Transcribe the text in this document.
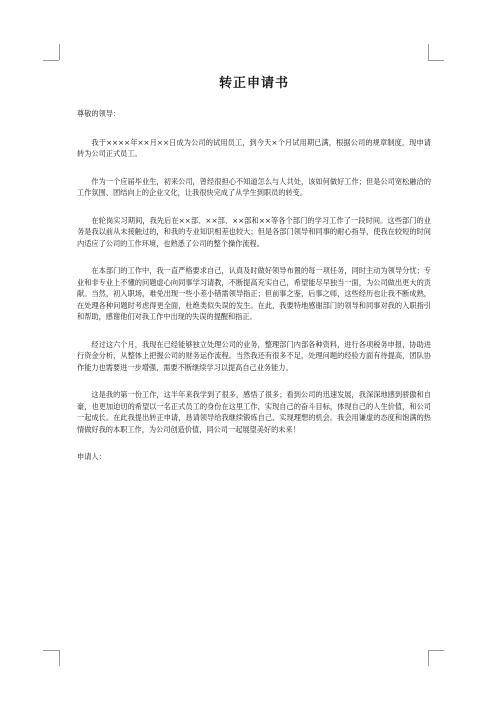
转正申请书

尊敬的领导：

我于××××年××月××日成为公司的试用员工，到今天×个月试用期已满，根据公司的规章制度，现申请转为公司正式员工。

作为一个应届毕业生，初来公司，曾经很担心不知道怎么与人共处，该如何做好工作；但是公司宽松融洽的工作氛围、团结向上的企业文化，让我很快完成了从学生到职员的转变。

在轮岗实习期间，我先后在××部、××部、××部和××等各个部门的学习工作了一段时间。这些部门的业务是我以前从未接触过的，和我的专业知识相差也较大；但是各部门领导和同事的耐心指导，使我在较短的时间内适应了公司的工作环境，也熟悉了公司的整个操作流程。

在本部门的工作中，我一直严格要求自己，认真及时做好领导布置的每一项任务，同时主动为领导分忧；专业和非专业上不懂的问题虚心向同事学习请教，不断提高充实自己，希望能尽早独当一面，为公司做出更大的贡献。当然，初入职场，难免出现一些小差小错需领导指正；但前事之鉴，后事之师，这些经历也让我不断成熟，在处理各种问题时考虑得更全面，杜绝类似失误的发生。在此，我要特地感谢部门的领导和同事对我的入职指引和帮助，感谢他们对我工作中出现的失误的提醒和指正。

经过这六个月，我现在已经能够独立处理公司的业务，整理部门内部各种资料，进行各项税务申报，协助进行资金分析，从整体上把握公司的财务运作流程。当然我还有很多不足，处理问题的经验方面有待提高，团队协作能力也需要进一步增强，需要不断继续学习以提高自己业务能力。

这是我的第一份工作，这半年来我学到了很多，感悟了很多；看到公司的迅速发展，我深深地感到骄傲和自豪，也更加迫切的希望以一名正式员工的身份在这里工作，实现自己的奋斗目标，体现自己的人生价值，和公司一起成长。在此我提出转正申请，恳请领导给我继续锻炼自己、实现理想的机会。我会用谦虚的态度和饱满的热情做好我的本职工作，为公司创造价值，同公司一起展望美好的未来！

申请人：
